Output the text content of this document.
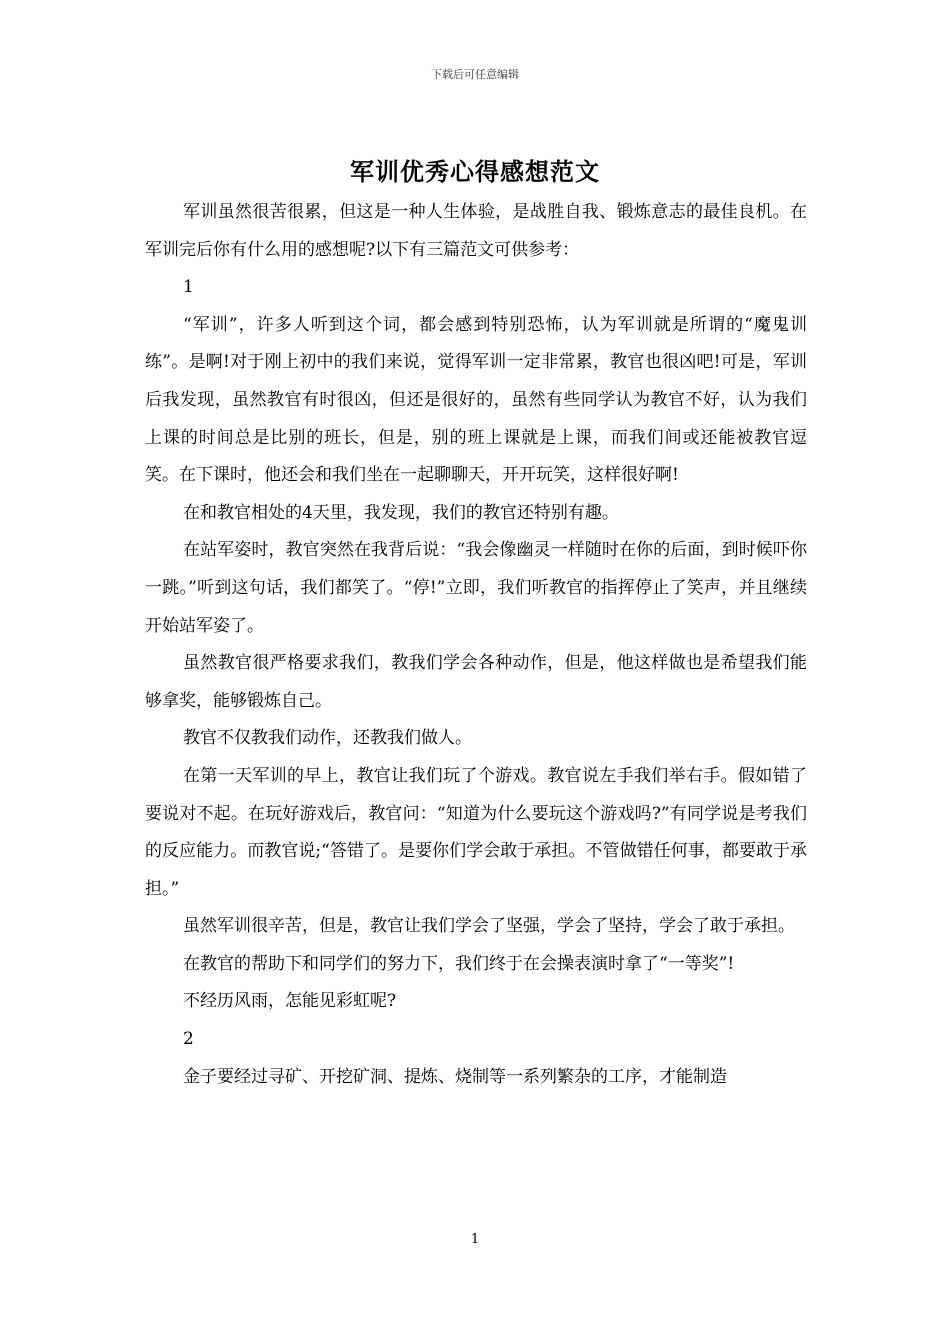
下载后可任意编辑
军训优秀心得感想范文

军训虽然很苦很累，但这是一种人生体验，是战胜自我、锻炼意志的最佳良机。在军训完后你有什么用的感想呢?以下有三篇范文可供参考：

1

“军训”，许多人听到这个词，都会感到特别恐怖，认为军训就是所谓的“魔鬼训练”。是啊!对于刚上初中的我们来说，觉得军训一定非常累，教官也很凶吧!可是，军训后我发现，虽然教官有时很凶，但还是很好的，虽然有些同学认为教官不好，认为我们上课的时间总是比别的班长，但是，别的班上课就是上课，而我们间或还能被教官逗笑。在下课时，他还会和我们坐在一起聊聊天，开开玩笑，这样很好啊!

在和教官相处的4天里，我发现，我们的教官还特别有趣。

在站军姿时，教官突然在我背后说：“我会像幽灵一样随时在你的后面，到时候吓你一跳。”听到这句话，我们都笑了。“停!”立即，我们听教官的指挥停止了笑声，并且继续开始站军姿了。

虽然教官很严格要求我们，教我们学会各种动作，但是，他这样做也是希望我们能够拿奖，能够锻炼自己。

教官不仅教我们动作，还教我们做人。

在第一天军训的早上，教官让我们玩了个游戏。教官说左手我们举右手。假如错了要说对不起。在玩好游戏后，教官问：“知道为什么要玩这个游戏吗?”有同学说是考我们的反应能力。而教官说;“答错了。是要你们学会敢于承担。不管做错任何事，都要敢于承担。”

虽然军训很辛苦，但是，教官让我们学会了坚强，学会了坚持，学会了敢于承担。

在教官的帮助下和同学们的努力下，我们终于在会操表演时拿了“一等奖”!

不经历风雨，怎能见彩虹呢?

2

金子要经过寻矿、开挖矿洞、提炼、烧制等一系列繁杂的工序，才能制造

1
